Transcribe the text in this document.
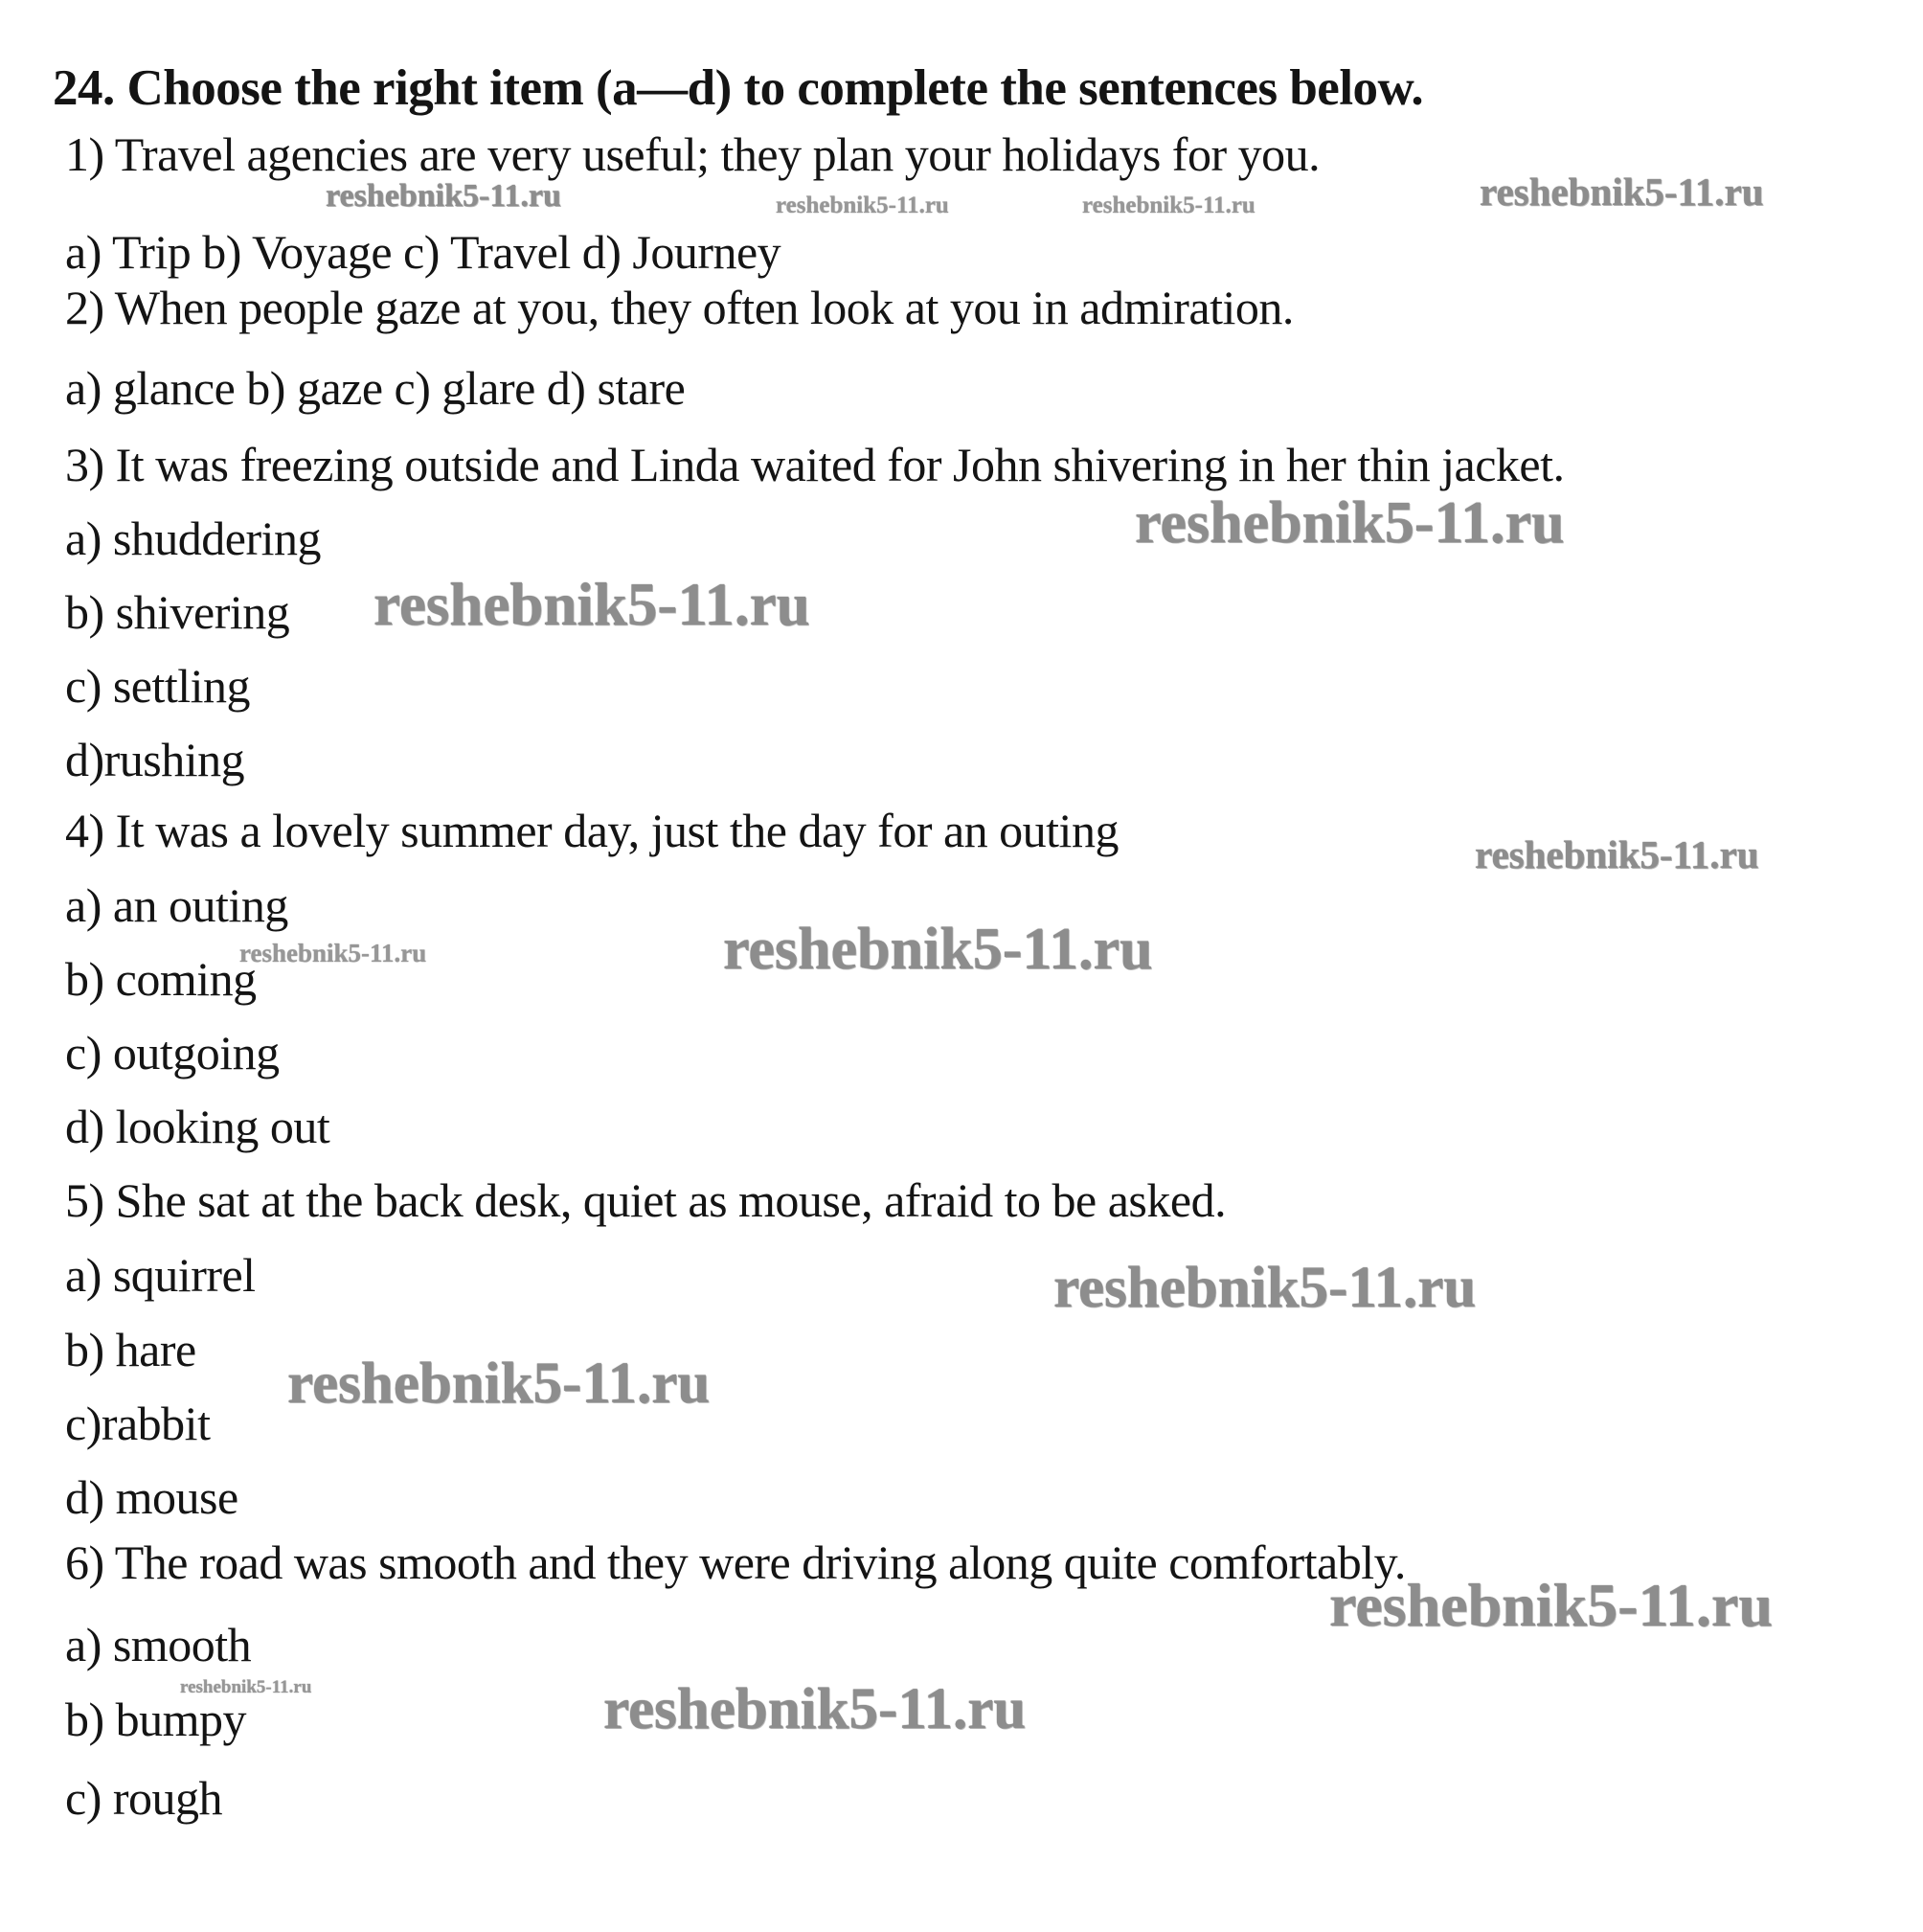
24. Choose the right item (a—d) to complete the sentences below.
1) Travel agencies are very useful; they plan your holidays for you.
a) Trip b) Voyage c) Travel d) Journey
2) When people gaze at you, they often look at you in admiration.
a) glance b) gaze c) glare d) stare
3) It was freezing outside and Linda waited for John shivering in her thin jacket.
a) shuddering
b) shivering
c) settling
d)rushing
4) It was a lovely summer day, just the day for an outing
a) an outing
b) coming
c) outgoing
d) looking out
5) She sat at the back desk, quiet as mouse, afraid to be asked.
a) squirrel
b) hare
c)rabbit
d) mouse
6) The road was smooth and they were driving along quite comfortably.
a) smooth
b) bumpy
c) rough
reshebnik5-11.ru	reshebnik5-11.ru	reshebnik5-11.ru	reshebnik5-11.ru
reshebnik5-11.ru
reshebnik5-11.ru
reshebnik5-11.ru
reshebnik5-11.ru	reshebnik5-11.ru
reshebnik5-11.ru
reshebnik5-11.ru
reshebnik5-11.ru
reshebnik5-11.ru	reshebnik5-11.ru
